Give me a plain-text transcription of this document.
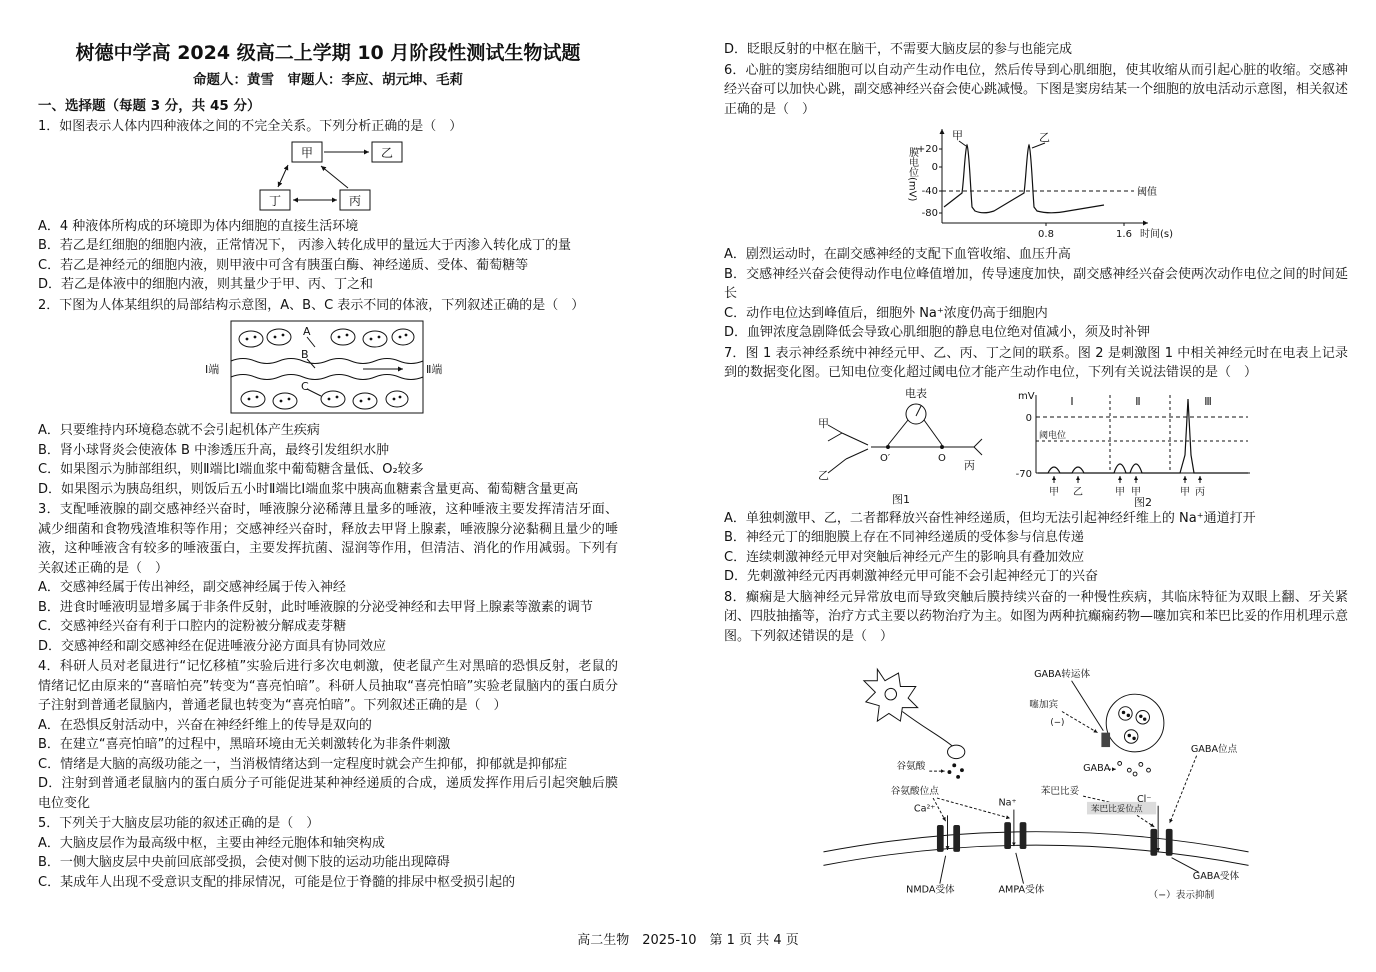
树德中学高 2024 级高二上学期 10 月阶段性测试生物试题
命题人：黄雪　审题人：李应、胡元坤、毛莉
一、选择题（每题 3 分，共 45 分）

1．如图表示人体内四种液体之间的不完全关系。下列分析正确的是（　）

甲	乙
丁	丙

A．4 种液体所构成的环境即为体内细胞的直接生活环境

B．若乙是红细胞的细胞内液，正常情况下， 丙渗入转化成甲的量远大于丙渗入转化成丁的量

C．若乙是神经元的细胞内液，则甲液中可含有胰蛋白酶、神经递质、受体、葡萄糖等

D．若乙是体液中的细胞内液，则其量少于甲、丙、丁之和

2．下图为人体某组织的局部结构示意图，A、B、C 表示不同的体液，下列叙述正确的是（　）

A
B
C
Ⅰ端	Ⅱ端

A．只要维持内环境稳态就不会引起机体产生疾病

B．肾小球肾炎会使液体 B 中渗透压升高，最终引发组织水肿

C．如果图示为肺部组织，则Ⅱ端比Ⅰ端血浆中葡萄糖含量低、O₂较多

D．如果图示为胰岛组织，则饭后五小时Ⅱ端比Ⅰ端血浆中胰高血糖素含量更高、葡萄糖含量更高

3．支配唾液腺的副交感神经兴奋时，唾液腺分泌稀薄且量多的唾液，这种唾液主要发挥清洁牙面、减少细菌和食物残渣堆积等作用；交感神经兴奋时，释放去甲肾上腺素，唾液腺分泌黏稠且量少的唾液，这种唾液含有较多的唾液蛋白，主要发挥抗菌、湿润等作用，但清洁、消化的作用减弱。下列有关叙述正确的是（　）

A．交感神经属于传出神经，副交感神经属于传入神经

B．进食时唾液明显增多属于非条件反射，此时唾液腺的分泌受神经和去甲肾上腺素等激素的调节

C．交感神经兴奋有利于口腔内的淀粉被分解成麦芽糖

D．交感神经和副交感神经在促进唾液分泌方面具有协同效应

4．科研人员对老鼠进行“记忆移植”实验后进行多次电刺激，使老鼠产生对黑暗的恐惧反射，老鼠的情绪记忆由原来的“喜暗怕亮”转变为“喜亮怕暗”。科研人员抽取“喜亮怕暗”实验老鼠脑内的蛋白质分子注射到普通老鼠脑内，普通老鼠也转变为“喜亮怕暗”。下列叙述正确的是（　）

A．在恐惧反射活动中，兴奋在神经纤维上的传导是双向的

B．在建立“喜亮怕暗”的过程中，黑暗环境由无关刺激转化为非条件刺激

C．情绪是大脑的高级功能之一，当消极情绪达到一定程度时就会产生抑郁，抑郁就是抑郁症

D．注射到普通老鼠脑内的蛋白质分子可能促进某种神经递质的合成，递质发挥作用后引起突触后膜电位变化

5．下列关于大脑皮层功能的叙述正确的是（　）

A．大脑皮层作为最高级中枢，主要由神经元胞体和轴突构成

B．一侧大脑皮层中央前回底部受损，会使对侧下肢的运动功能出现障碍

C．某成年人出现不受意识支配的排尿情况，可能是位于脊髓的排尿中枢受损引起的

D．眨眼反射的中枢在脑干，不需要大脑皮层的参与也能完成

6．心脏的窦房结细胞可以自动产生动作电位，然后传导到心肌细胞，使其收缩从而引起心脏的收缩。交感神经兴奋可以加快心跳，副交感神经兴奋会使心跳减慢。下图是窦房结某一个细胞的放电活动示意图，相关叙述正确的是（　）

+20
0
-40
-80
膜电位(mV)
甲	乙
0.8	1.6
阈值
时间(s)

A．剧烈运动时，在副交感神经的支配下血管收缩、血压升高

B．交感神经兴奋会使得动作电位峰值增加，传导速度加快，副交感神经兴奋会使两次动作电位之间的时间延长

C．动作电位达到峰值后，细胞外 Na⁺浓度仍高于细胞内

D．血钾浓度急剧降低会导致心肌细胞的静息电位绝对值减小，须及时补钾

7．图 1 表示神经系统中神经元甲、乙、丙、丁之间的联系。图 2 是刺激图 1 中相关神经元时在电表上记录到的数据变化图。已知电位变化超过阈电位才能产生动作电位，下列有关说法错误的是（　）

电表
甲
乙
丙
O′	O
图1
甲 乙	甲 甲	甲 丙
Ⅰ	Ⅱ	Ⅲ
0
-70
mV
阈电位
图2

A．单独刺激甲、乙，二者都释放兴奋性神经递质，但均无法引起神经纤维上的 Na⁺通道打开

B．神经元丁的细胞膜上存在不同神经递质的受体参与信息传递

C．连续刺激神经元甲对突触后神经元产生的影响具有叠加效应

D．先刺激神经元丙再刺激神经元甲可能不会引起神经元丁的兴奋

8．癫痫是大脑神经元异常放电而导致突触后膜持续兴奋的一种慢性疾病，其临床特征为双眼上翻、牙关紧闭、四肢抽搐等，治疗方式主要以药物治疗为主。如图为两种抗癫痫药物—噻加宾和苯巴比妥的作用机理示意图。下列叙述错误的是（　）

谷氨酸
谷氨酸位点
GABA转运体
噻加宾
(−)
GABA
GABA位点
苯巴比妥
苯巴比妥位点
Ca²⁺
Na⁺	Cl⁻
NMDA受体	AMPA受体
GABA受体
（−）表示抑制
高二生物　2025-10　第 1 页 共 4 页
